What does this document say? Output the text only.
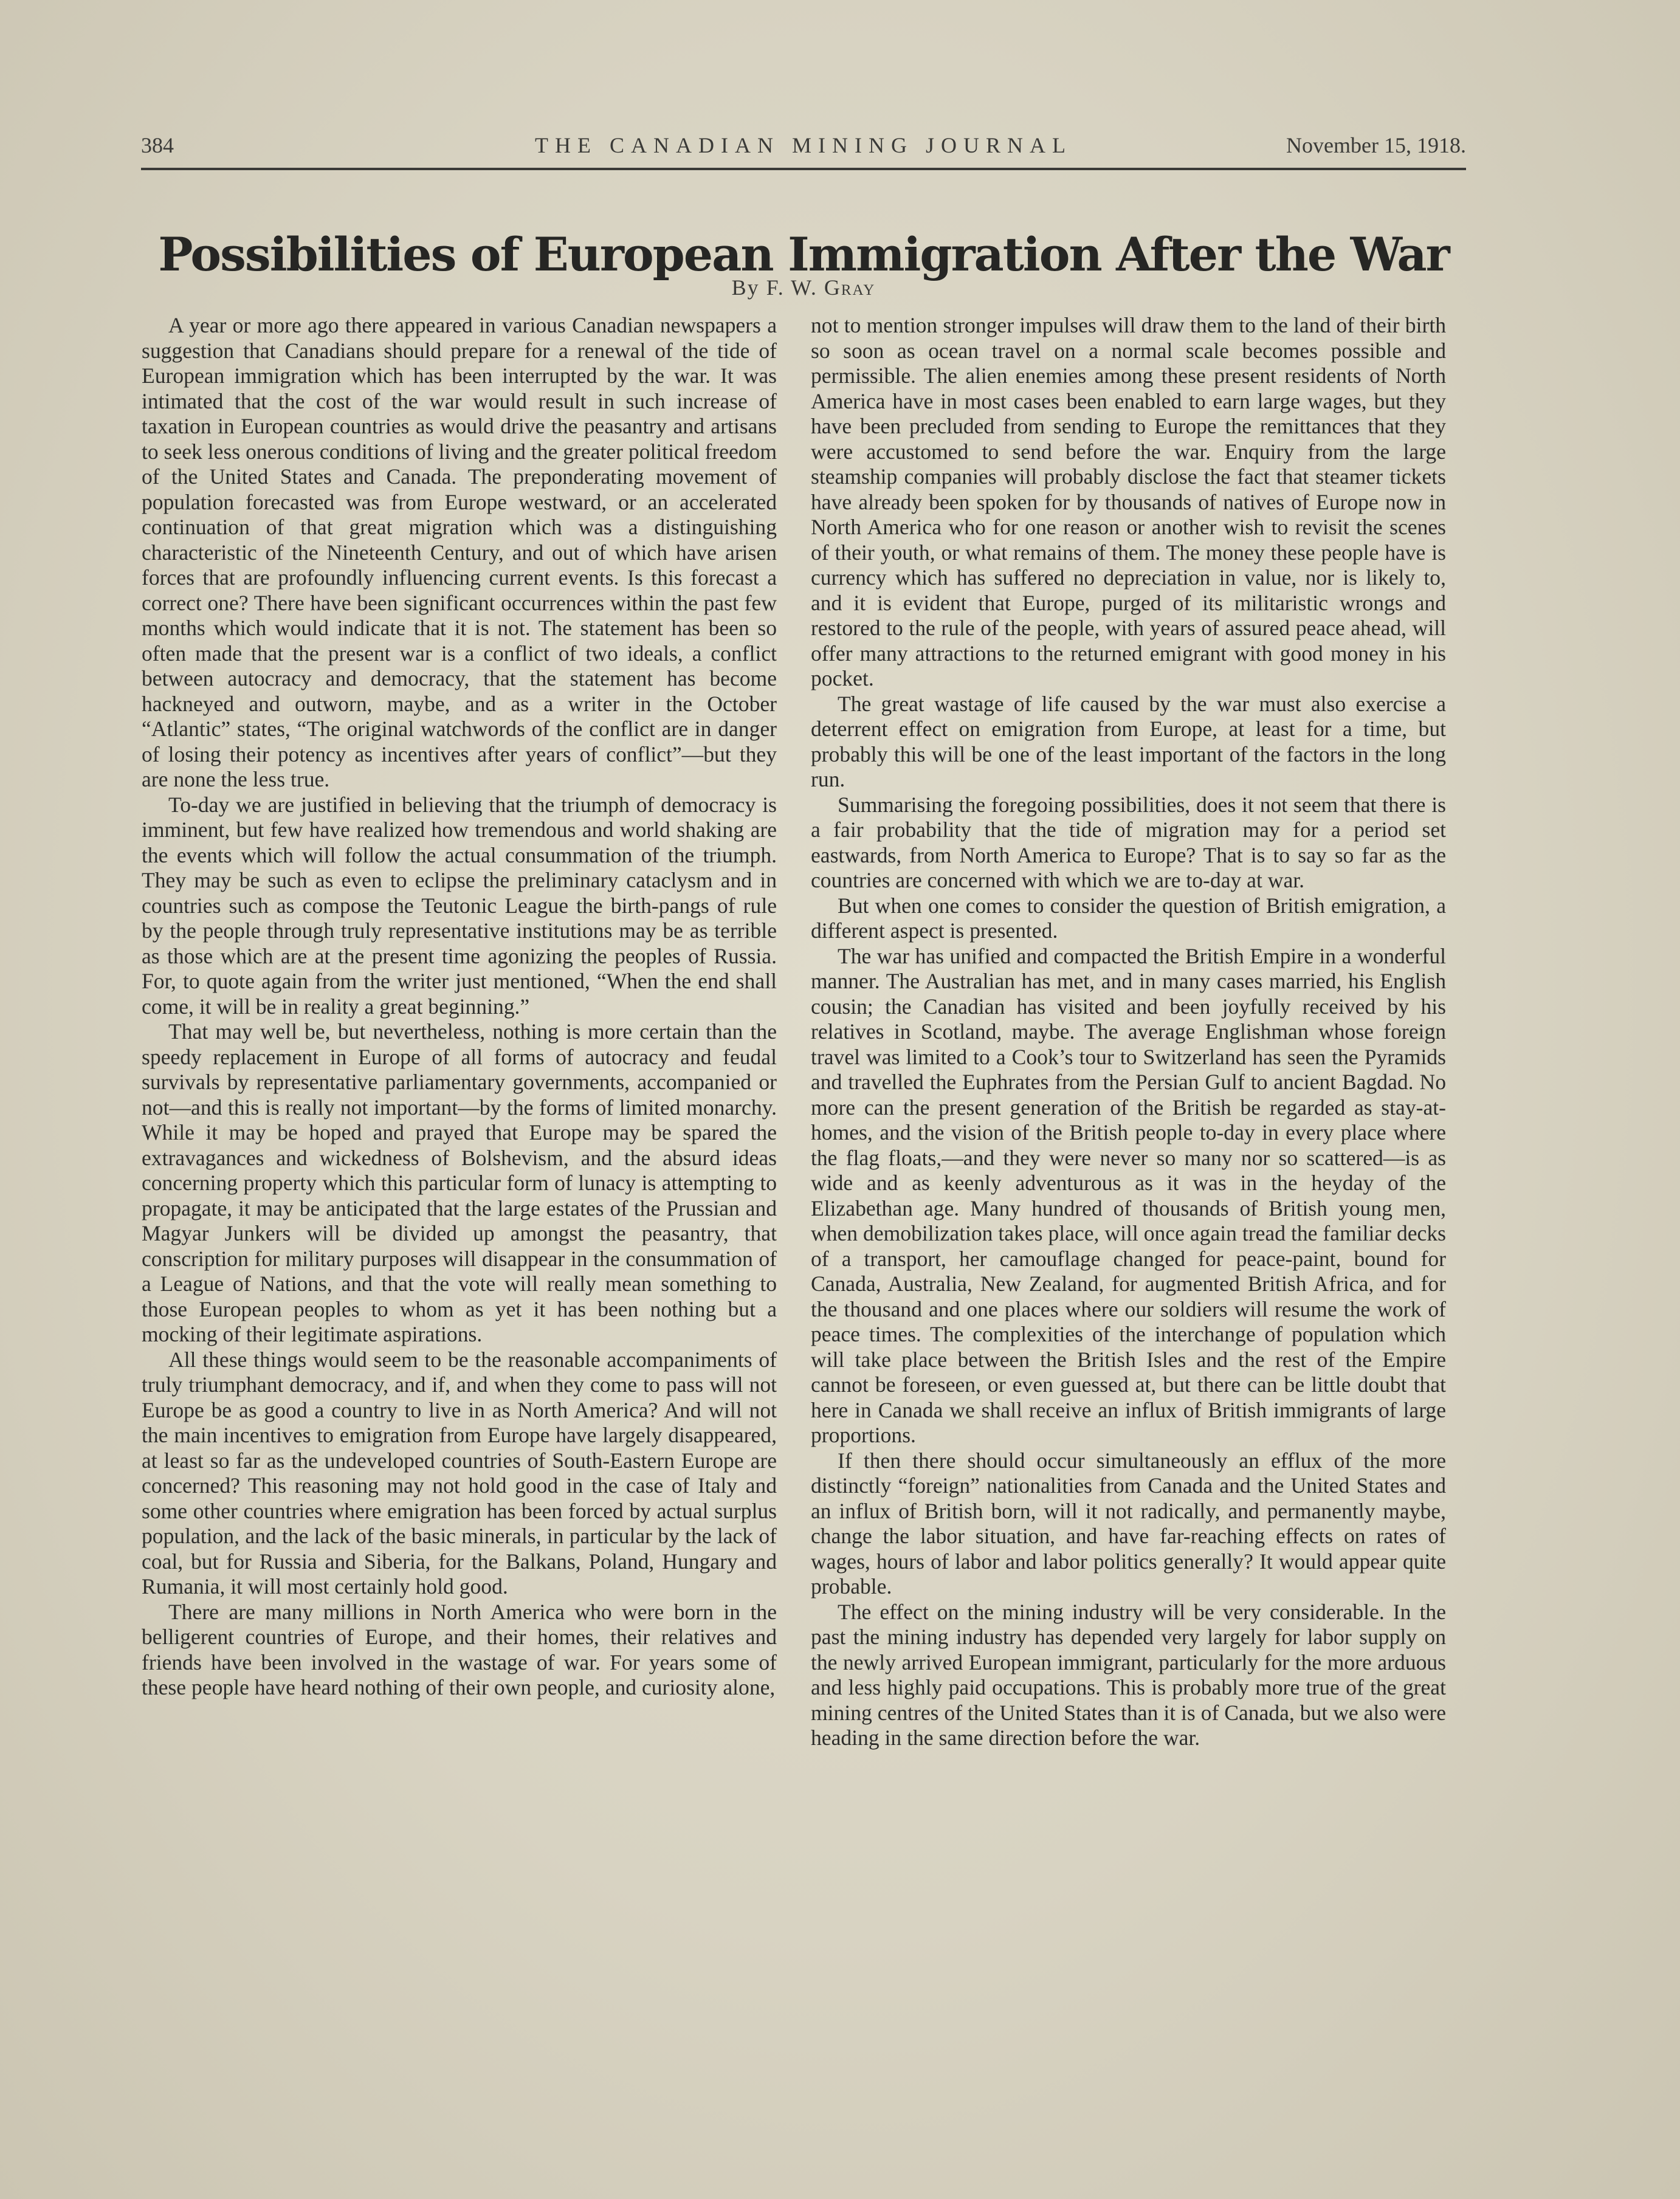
384	THE CANADIAN MINING JOURNAL	November 15, 1918.
Possibilities of European Immigration After the War
By F. W. Gray

A year or more ago there appeared in various Canadian newspapers a suggestion that Canadians should prepare for a renewal of the tide of European immigration which has been interrupted by the war. It was intimated that the cost of the war would result in such increase of taxation in European countries as would drive the peasantry and artisans to seek less onerous conditions of living and the greater political freedom of the United States and Canada. The preponderating movement of population forecasted was from Europe westward, or an accelerated continuation of that great migration which was a distinguishing characteristic of the Nineteenth Century, and out of which have arisen forces that are profoundly influencing current events. Is this forecast a correct one? There have been significant occurrences within the past few months which would indicate that it is not. The statement has been so often made that the present war is a conflict of two ideals, a conflict between autocracy and democracy, that the statement has become hackneyed and outworn, maybe, and as a writer in the October “Atlantic” states, “The original watchwords of the conflict are in danger of losing their potency as incentives after years of conflict”—but they are none the less true.

To-day we are justified in believing that the triumph of democracy is imminent, but few have realized how tremendous and world shaking are the events which will follow the actual consummation of the triumph. They may be such as even to eclipse the preliminary cataclysm and in countries such as compose the Teutonic League the birth-pangs of rule by the people through truly representative institutions may be as terrible as those which are at the present time agonizing the peoples of Russia. For, to quote again from the writer just mentioned, “When the end shall come, it will be in reality a great beginning.”

That may well be, but nevertheless, nothing is more certain than the speedy replacement in Europe of all forms of autocracy and feudal survivals by representative parliamentary governments, accompanied or not—and this is really not important—by the forms of limited monarchy. While it may be hoped and prayed that Europe may be spared the extravagances and wickedness of Bolshevism, and the absurd ideas concerning property which this particular form of lunacy is attempting to propagate, it may be anticipated that the large estates of the Prussian and Magyar Junkers will be divided up amongst the peasantry, that conscription for military purposes will disappear in the consummation of a League of Nations, and that the vote will really mean something to those European peoples to whom as yet it has been nothing but a mocking of their legitimate aspirations.

All these things would seem to be the reasonable accompaniments of truly triumphant democracy, and if, and when they come to pass will not Europe be as good a country to live in as North America? And will not the main incentives to emigration from Europe have largely disappeared, at least so far as the undeveloped countries of South-Eastern Europe are concerned? This reasoning may not hold good in the case of Italy and some other countries where emigration has been forced by actual surplus population, and the lack of the basic minerals, in particular by the lack of coal, but for Russia and Siberia, for the Balkans, Poland, Hungary and Rumania, it will most certainly hold good.

There are many millions in North America who were born in the belligerent countries of Europe, and their homes, their relatives and friends have been involved in the wastage of war. For years some of these people have heard nothing of their own people, and curiosity alone,

not to mention stronger impulses will draw them to the land of their birth so soon as ocean travel on a normal scale becomes possible and permissible. The alien enemies among these present residents of North America have in most cases been enabled to earn large wages, but they have been precluded from sending to Europe the remittances that they were accustomed to send before the war. Enquiry from the large steamship companies will probably disclose the fact that steamer tickets have already been spoken for by thousands of natives of Europe now in North America who for one reason or another wish to revisit the scenes of their youth, or what remains of them. The money these people have is currency which has suffered no depreciation in value, nor is likely to, and it is evident that Europe, purged of its militaristic wrongs and restored to the rule of the people, with years of assured peace ahead, will offer many attractions to the returned emigrant with good money in his pocket.

The great wastage of life caused by the war must also exercise a deterrent effect on emigration from Europe, at least for a time, but probably this will be one of the least important of the factors in the long run.

Summarising the foregoing possibilities, does it not seem that there is a fair probability that the tide of migration may for a period set eastwards, from North America to Europe? That is to say so far as the countries are concerned with which we are to-day at war.

But when one comes to consider the question of British emigration, a different aspect is presented.

The war has unified and compacted the British Empire in a wonderful manner. The Australian has met, and in many cases married, his English cousin; the Canadian has visited and been joyfully received by his relatives in Scotland, maybe. The average Englishman whose foreign travel was limited to a Cook’s tour to Switzerland has seen the Pyramids and travelled the Euphrates from the Persian Gulf to ancient Bagdad. No more can the present generation of the British be regarded as stay-at-homes, and the vision of the British people to-day in every place where the flag floats,—and they were never so many nor so scattered—is as wide and as keenly adventurous as it was in the heyday of the Elizabethan age. Many hundred of thousands of British young men, when demobilization takes place, will once again tread the familiar decks of a transport, her camouflage changed for peace-paint, bound for Canada, Australia, New Zealand, for augmented British Africa, and for the thousand and one places where our soldiers will resume the work of peace times. The complexities of the interchange of population which will take place between the British Isles and the rest of the Empire cannot be foreseen, or even guessed at, but there can be little doubt that here in Canada we shall receive an influx of British immigrants of large proportions.

If then there should occur simultaneously an efflux of the more distinctly “foreign” nationalities from Canada and the United States and an influx of British born, will it not radically, and permanently maybe, change the labor situation, and have far-reaching effects on rates of wages, hours of labor and labor politics generally? It would appear quite probable.

The effect on the mining industry will be very considerable. In the past the mining industry has depended very largely for labor supply on the newly arrived European immigrant, particularly for the more arduous and less highly paid occupations. This is probably more true of the great mining centres of the United States than it is of Canada, but we also were heading in the same direction before the war.
